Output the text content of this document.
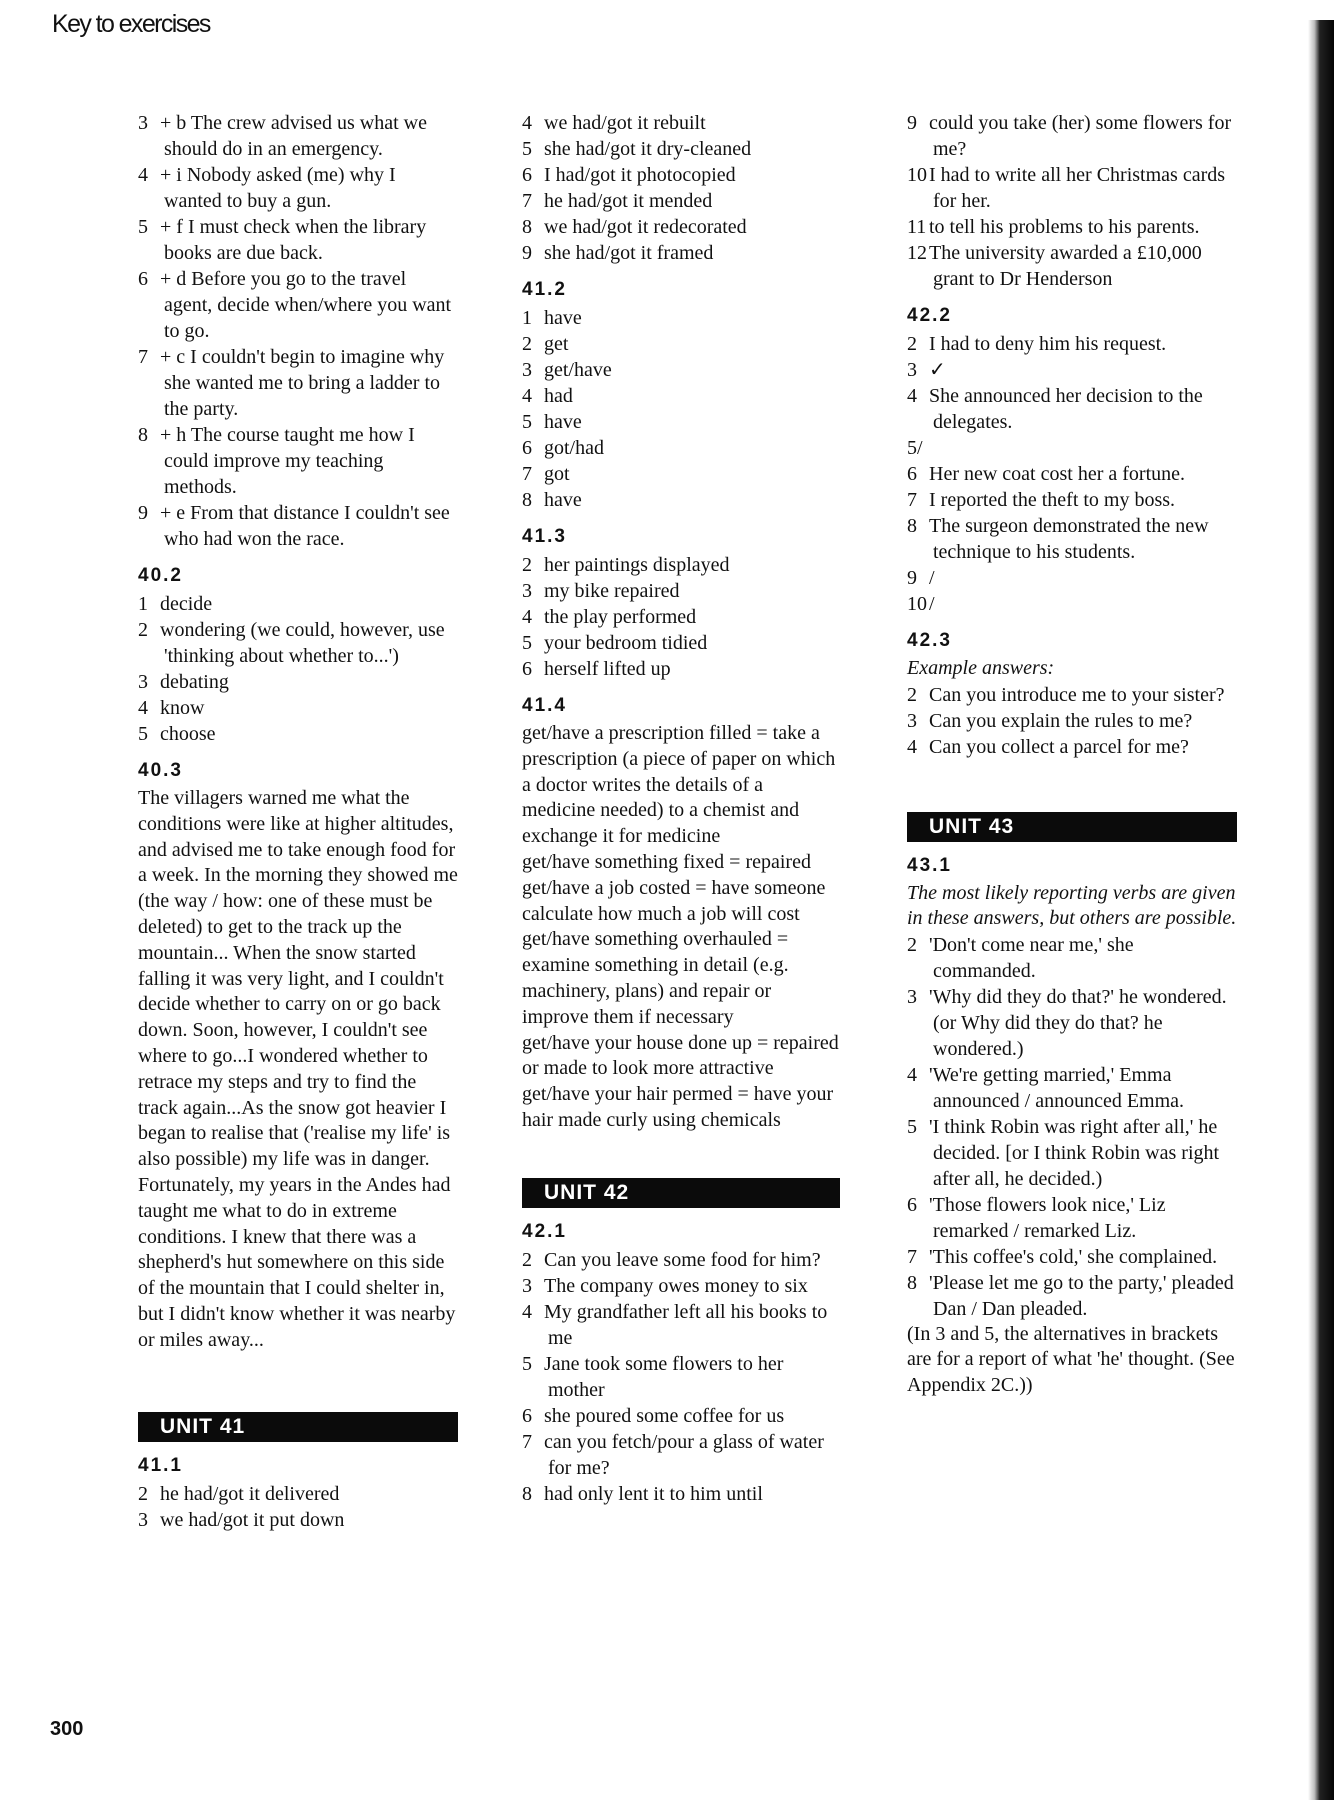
Key to exercises

3 + b The crew advised us what we should do in an emergency.

4 + i Nobody asked (me) why I wanted to buy a gun.

5 + f I must check when the library books are due back.

6 + d Before you go to the travel agent, decide when/where you want to go.

7 + c I couldn't begin to imagine why she wanted me to bring a ladder to the party.

8 + h The course taught me how I could improve my teaching methods.

9 + e From that distance I couldn't see who had won the race.

40.2

1 decide

2 wondering (we could, however, use 'thinking about whether to...')

3 debating

4 know

5 choose

40.3

The villagers warned me what the conditions were like at higher altitudes, and advised me to take enough food for a week. In the morning they showed me (the way / how: one of these must be deleted) to get to the track up the mountain... When the snow started falling it was very light, and I couldn't decide whether to carry on or go back down. Soon, however, I couldn't see where to go...I wondered whether to retrace my steps and try to find the track again...As the snow got heavier I began to realise that ('realise my life' is also possible) my life was in danger. Fortunately, my years in the Andes had taught me what to do in extreme conditions. I knew that there was a shepherd's hut somewhere on this side of the mountain that I could shelter in, but I didn't know whether it was nearby or miles away...

UNIT 41
41.1

2 he had/got it delivered

3 we had/got it put down

4 we had/got it rebuilt

5 she had/got it dry-cleaned

6 I had/got it photocopied

7 he had/got it mended

8 we had/got it redecorated

9 she had/got it framed

41.2

1 have

2 get

3 get/have

4 had

5 have

6 got/had

7 got

8 have

41.3

2 her paintings displayed

3 my bike repaired

4 the play performed

5 your bedroom tidied

6 herself lifted up

41.4

get/have a prescription filled = take a prescription (a piece of paper on which a doctor writes the details of a medicine needed) to a chemist and exchange it for medicine

get/have something fixed = repaired

get/have a job costed = have someone calculate how much a job will cost

get/have something overhauled = examine something in detail (e.g. machinery, plans) and repair or improve them if necessary

get/have your house done up = repaired or made to look more attractive

get/have your hair permed = have your hair made curly using chemicals

UNIT 42
42.1

2 Can you leave some food for him?

3 The company owes money to six

4 My grandfather left all his books to me

5 Jane took some flowers to her mother

6 she poured some coffee for us

7 can you fetch/pour a glass of water for me?

8 had only lent it to him until

9 could you take (her) some flowers for me?

10 I had to write all her Christmas cards for her.

11 to tell his problems to his parents.

12 The university awarded a £10,000 grant to Dr Henderson

42.2

2 I had to deny him his request.

3 ✓

4 She announced her decision to the delegates.

5/

6 Her new coat cost her a fortune.

7 I reported the theft to my boss.

8 The surgeon demonstrated the new technique to his students.

9 /

10 /

42.3

Example answers:

2 Can you introduce me to your sister?

3 Can you explain the rules to me?

4 Can you collect a parcel for me?

UNIT 43
43.1

The most likely reporting verbs are given in these answers, but others are possible.

2 'Don't come near me,' she commanded.

3 'Why did they do that?' he wondered. (or Why did they do that? he wondered.)

4 'We're getting married,' Emma announced / announced Emma.

5 'I think Robin was right after all,' he decided. [or I think Robin was right after all, he decided.)

6 'Those flowers look nice,' Liz remarked / remarked Liz.

7 'This coffee's cold,' she complained.

8 'Please let me go to the party,' pleaded Dan / Dan pleaded.

(In 3 and 5, the alternatives in brackets are for a report of what 'he' thought. (See Appendix 2C.))

300
